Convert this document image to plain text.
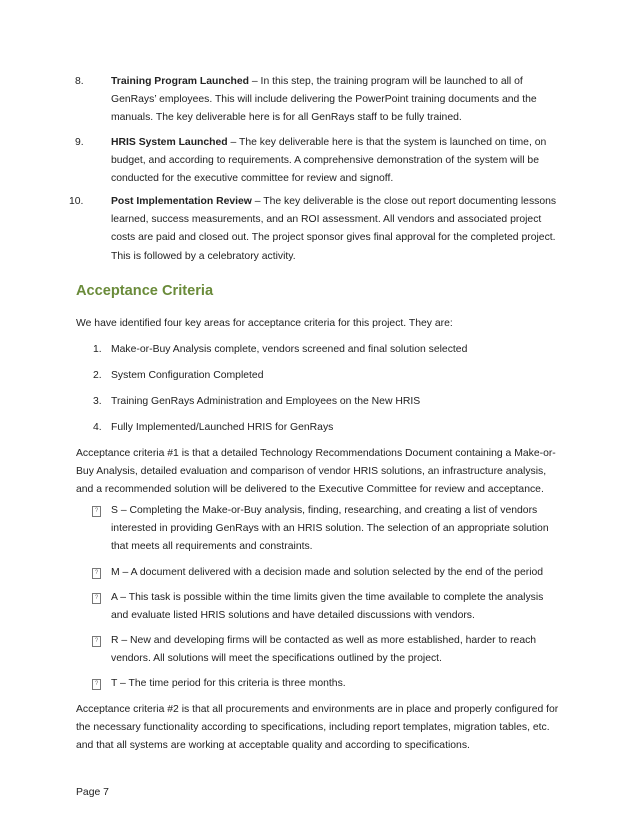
8.	Training Program Launched – In this step, the training program will be launched to all of GenRays’ employees. This will include delivering the PowerPoint training documents and the manuals. The key deliverable here is for all GenRays staff to be fully trained.
9.	HRIS System Launched – The key deliverable here is that the system is launched on time, on budget, and according to requirements. A comprehensive demonstration of the system will be conducted for the executive committee for review and signoff.
10.	Post Implementation Review – The key deliverable is the close out report documenting lessons learned, success measurements, and an ROI assessment. All vendors and associated project costs are paid and closed out. The project sponsor gives final approval for the completed project. This is followed by a celebratory activity.
Acceptance Criteria
We have identified four key areas for acceptance criteria for this project. They are:
1. Make-or-Buy Analysis complete, vendors screened and final solution selected
2. System Configuration Completed
3. Training GenRays Administration and Employees on the New HRIS
4. Fully Implemented/Launched HRIS for GenRays
Acceptance criteria #1 is that a detailed Technology Recommendations Document containing a Make-or-Buy Analysis, detailed evaluation and comparison of vendor HRIS solutions, an infrastructure analysis, and a recommended solution will be delivered to the Executive Committee for review and acceptance.
? S – Completing the Make-or-Buy analysis, finding, researching, and creating a list of vendors interested in providing GenRays with an HRIS solution. The selection of an appropriate solution that meets all requirements and constraints.
? M – A document delivered with a decision made and solution selected by the end of the period
? A – This task is possible within the time limits given the time available to complete the analysis and evaluate listed HRIS solutions and have detailed discussions with vendors.
? R – New and developing firms will be contacted as well as more established, harder to reach vendors. All solutions will meet the specifications outlined by the project.
? T – The time period for this criteria is three months.
Acceptance criteria #2 is that all procurements and environments are in place and properly configured for the necessary functionality according to specifications, including report templates, migration tables, etc. and that all systems are working at acceptable quality and according to specifications.
Page 7
